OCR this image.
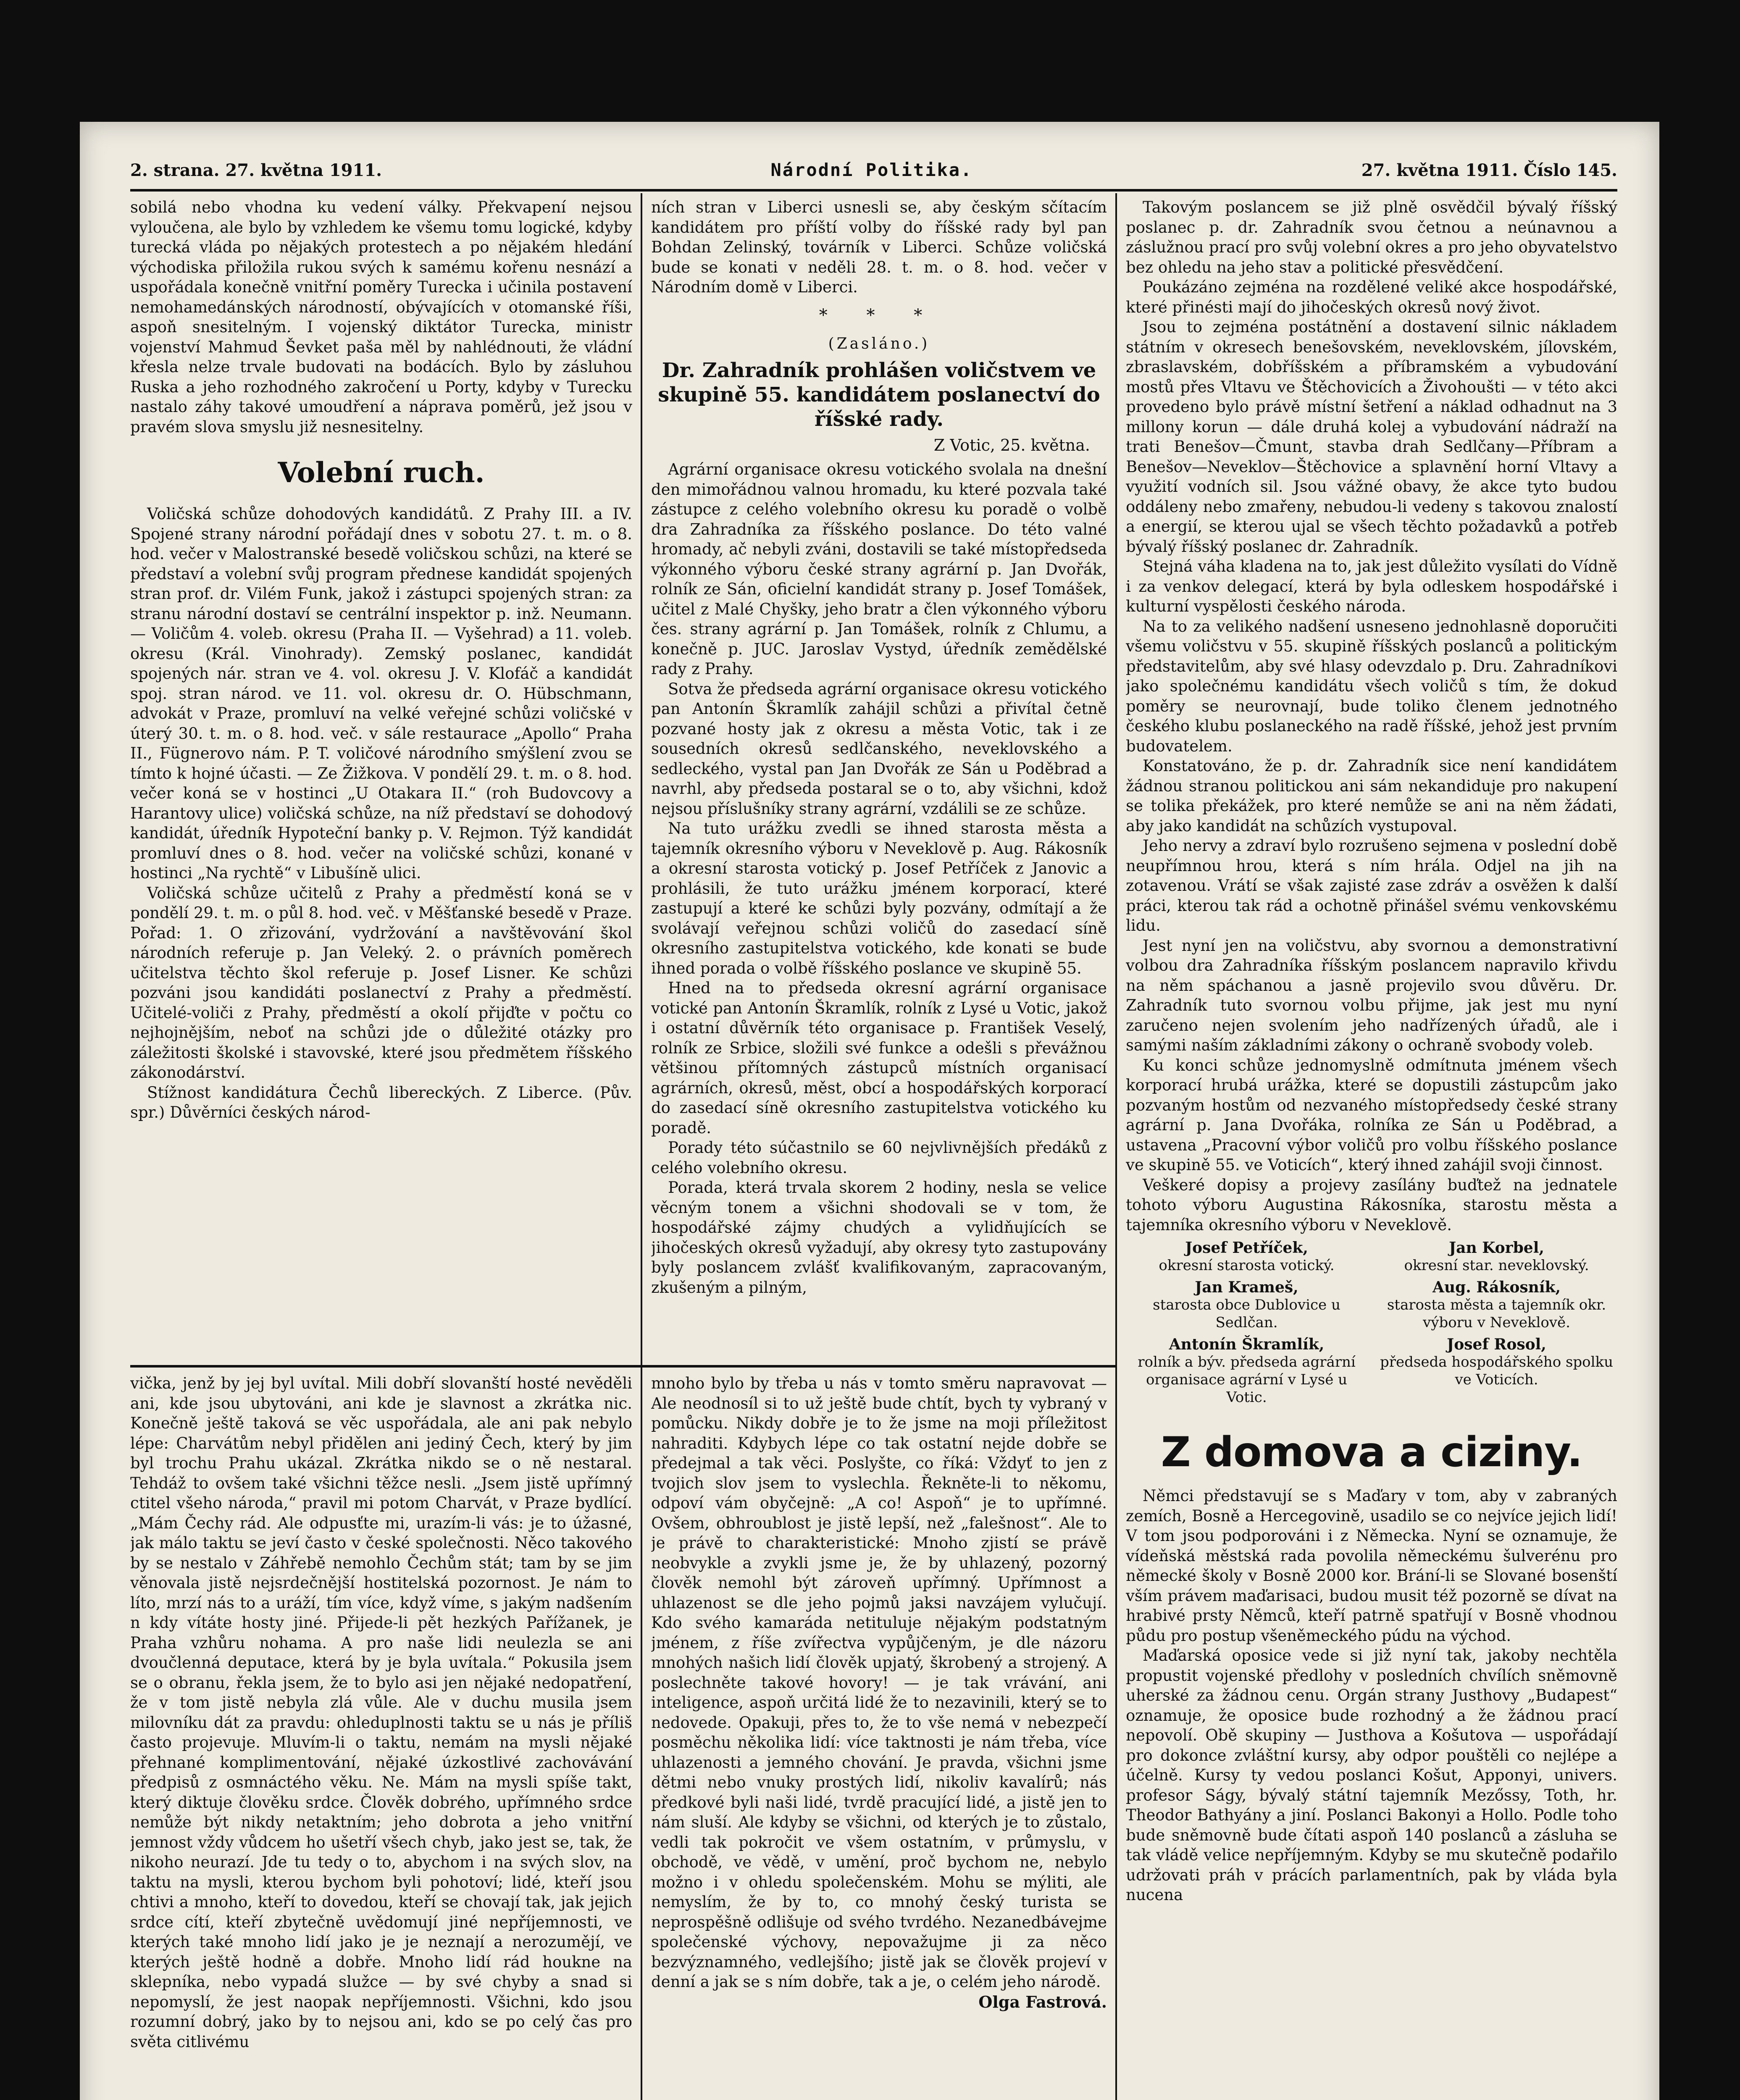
2. strana. 27. května 1911.	Národní Politika.	27. května 1911. Číslo 145.

sobilá nebo vhodna ku vedení války. Překvapení nejsou vyloučena, ale bylo by vzhledem ke všemu tomu logické, kdyby turecká vláda po nějakých protestech a po nějakém hledání východiska přiložila rukou svých k samému kořenu nesnází a uspořádala konečně vnitřní poměry Turecka i učinila postavení nemohamedánských národností, obývajících v otomanské říši, aspoň snesitelným. I vojenský diktátor Turecka, ministr vojenství Mahmud Ševket paša měl by nahlédnouti, že vládní křesla nelze trvale budovati na bodácích. Bylo by zásluhou Ruska a jeho rozhodného zakročení u Porty, kdyby v Turecku nastalo záhy takové umoudření a náprava poměrů, jež jsou v pravém slova smyslu již nesnesitelny.

Volební ruch.

Voličská schůze dohodových kandidátů. Z Prahy III. a IV. Spojené strany národní pořádají dnes v sobotu 27. t. m. o 8. hod. večer v Malostranské besedě voličskou schůzi, na které se představí a volební svůj program přednese kandidát spojených stran prof. dr. Vilém Funk, jakož i zástupci spojených stran: za stranu národní dostaví se centrální inspektor p. inž. Neumann. — Voličům 4. voleb. okresu (Praha II. — Vyšehrad) a 11. voleb. okresu (Král. Vinohrady). Zemský poslanec, kandidát spojených nár. stran ve 4. vol. okresu J. V. Klofáč a kandidát spoj. stran národ. ve 11. vol. okresu dr. O. Hübschmann, advokát v Praze, promluví na velké veřejné schůzi voličské v úterý 30. t. m. o 8. hod. več. v sále restaurace „Apollo“ Praha II., Fügnerovo nám. P. T. voličové národního smýšlení zvou se tímto k hojné účasti. — Ze Žižkova. V pondělí 29. t. m. o 8. hod. večer koná se v hostinci „U Otakara II.“ (roh Budovcovy a Harantovy ulice) voličská schůze, na níž představí se dohodový kandidát, úředník Hypoteční banky p. V. Rejmon. Týž kandidát promluví dnes o 8. hod. večer na voličské schůzi, konané v hostinci „Na rychtě“ v Libušíně ulici.

Voličská schůze učitelů z Prahy a předměstí koná se v pondělí 29. t. m. o půl 8. hod. več. v Měšťanské besedě v Praze. Pořad: 1. O zřizování, vydržování a navštěvování škol národních referuje p. Jan Veleký. 2. o právních poměrech učitelstva těchto škol referuje p. Josef Lisner. Ke schůzi pozváni jsou kandidáti poslanectví z Prahy a předměstí. Učitelé-voliči z Prahy, předměstí a okolí přijďte v počtu co nejhojnějším, neboť na schůzi jde o důležité otázky pro záležitosti školské i stavovské, které jsou předmětem říšského zákonodárství.

Stížnost kandidátura Čechů libereckých. Z Liberce. (Pův. spr.) Důvěrníci českých národ-

ních stran v Liberci usnesli se, aby českým sčítacím kandidátem pro příští volby do říšské rady byl pan Bohdan Zelinský, továrník v Liberci. Schůze voličská bude se konati v neděli 28. t. m. o 8. hod. večer v Národním domě v Liberci.

* * *
(Zasláno.)
Dr. Zahradník prohlášen voličstvem ve skupině 55. kandidátem poslanectví do říšské rady.
Z Votic, 25. května.

Agrární organisace okresu votického svolala na dnešní den mimořádnou valnou hromadu, ku které pozvala také zástupce z celého volebního okresu ku poradě o volbě dra Zahradníka za říšského poslance. Do této valné hromady, ač nebyli zváni, dostavili se také místopředseda výkonného výboru české strany agrární p. Jan Dvořák, rolník ze Sán, oficielní kandidát strany p. Josef Tomášek, učitel z Malé Chyšky, jeho bratr a člen výkonného výboru čes. strany agrární p. Jan Tomášek, rolník z Chlumu, a konečně p. JUC. Jaroslav Vystyd, úředník zemědělské rady z Prahy.

Sotva že předseda agrární organisace okresu votického pan Antonín Škramlík zahájil schůzi a přivítal četně pozvané hosty jak z okresu a města Votic, tak i ze sousedních okresů sedlčanského, neveklovského a sedleckého, vystal pan Jan Dvořák ze Sán u Poděbrad a navrhl, aby předseda postaral se o to, aby všichni, kdož nejsou příslušníky strany agrární, vzdálili se ze schůze.

Na tuto urážku zvedli se ihned starosta města a tajemník okresního výboru v Neveklově p. Aug. Rákosník a okresní starosta votický p. Josef Petříček z Janovic a prohlásili, že tuto urážku jménem korporací, které zastupují a které ke schůzi byly pozvány, odmítají a že svolávají veřejnou schůzi voličů do zasedací síně okresního zastupitelstva votického, kde konati se bude ihned porada o volbě říšského poslance ve skupině 55.

Hned na to předseda okresní agrární organisace votické pan Antonín Škramlík, rolník z Lysé u Votic, jakož i ostatní důvěrník této organisace p. František Veselý, rolník ze Srbice, složili své funkce a odešli s převážnou většinou přítomných zástupců místních organisací agrárních, okresů, měst, obcí a hospodářských korporací do zasedací síně okresního zastupitelstva votického ku poradě.

Porady této súčastnilo se 60 nejvlivnějších předáků z celého volebního okresu.

Porada, která trvala skorem 2 hodiny, nesla se velice věcným tonem a všichni shodovali se v tom, že hospodářské zájmy chudých a vylidňujících se jihočeských okresů vyžadují, aby okresy tyto zastupovány byly poslancem zvlášť kvalifikovaným, zapracovaným, zkušeným a pilným,

vička, jenž by jej byl uvítal. Mili dobří slovanští hosté nevěděli ani, kde jsou ubytováni, ani kde je slavnost a zkrátka nic. Konečně ještě taková se věc uspořádala, ale ani pak nebylo lépe: Charvátům nebyl přidělen ani jediný Čech, který by jim byl trochu Prahu ukázal. Zkrátka nikdo se o ně nestaral. Tehdáž to ovšem také všichni těžce nesli. „Jsem jistě upřímný ctitel všeho národa,“ pravil mi potom Charvát, v Praze bydlící. „Mám Čechy rád. Ale odpusťte mi, urazím-li vás: je to úžasné, jak málo taktu se jeví často v české společnosti. Něco takového by se nestalo v Záhřebě nemohlo Čechům stát; tam by se jim věnovala jistě nejsrdečnější hostitelská pozornost. Je nám to líto, mrzí nás to a uráží, tím více, když víme, s jakým nadšením n kdy vítáte hosty jiné. Přijede-li pět hezkých Pařížanek, je Praha vzhůru nohama. A pro naše lidi neulezla se ani dvoučlenná deputace, která by je byla uvítala.“ Pokusila jsem se o obranu, řekla jsem, že to bylo asi jen nějaké nedopatření, že v tom jistě nebyla zlá vůle. Ale v duchu musila jsem milovníku dát za pravdu: ohleduplnosti taktu se u nás je příliš často projevuje. Mluvím-li o taktu, nemám na mysli nějaké přehnané komplimentování, nějaké úzkostlivé zachovávání předpisů z osmnáctého věku. Ne. Mám na mysli spíše takt, který diktuje člověku srdce. Člověk dobrého, upřímného srdce nemůže být nikdy netaktním; jeho dobrota a jeho vnitřní jemnost vždy vůdcem ho ušetří všech chyb, jako jest se, tak, že nikoho neurazí. Jde tu tedy o to, abychom i na svých slov, na taktu na mysli, kterou bychom byli pohotoví; lidé, kteří jsou chtivi a mnoho, kteří to dovedou, kteří se chovají tak, jak jejich srdce cítí, kteří zbytečně uvědomují jiné nepříjemnosti, ve kterých také mnoho lidí jako je je neznají a nerozumějí, ve kterých ještě hodně a dobře. Mnoho lidí rád houkne na sklepníka, nebo vypadá služce — by své chyby a snad si nepomyslí, že jest naopak nepříjemnosti. Všichni, kdo jsou rozumní dobrý, jako by to nejsou ani, kdo se po celý čas pro světa citlivému

mnoho bylo by třeba u nás v tomto směru napravovat — Ale neodnosíl si to už ještě bude chtít, bych ty vybraný v pomůcku. Nikdy dobře je to že jsme na moji příležitost nahraditi. Kdybych lépe co tak ostatní nejde dobře se předejmal a tak věci. Poslyšte, co říká: Vždyť to jen z tvojich slov jsem to vyslechla. Řekněte-li to někomu, odpoví vám obyčejně: „A co! Aspoň“ je to upřímné. Ovšem, obhroublost je jistě lepší, než „falešnost“. Ale to je právě to charakteristické: Mnoho zjistí se právě neobvykle a zvykli jsme je, že by uhlazený, pozorný člověk nemohl být zároveň upřímný. Upřímnost a uhlazenost se dle jeho pojmů jaksi navzájem vylučují. Kdo svého kamaráda netituluje nějakým podstatným jménem, z říše zvířectva vypůjčeným, je dle názoru mnohých našich lidí člověk upjatý, škrobený a strojený. A poslechněte takové hovory! — je tak vrávání, ani inteligence, aspoň určitá lidé že to nezavinili, který se to nedovede. Opakuji, přes to, že to vše nemá v nebezpečí posměchu několika lidí: více taktnosti je nám třeba, více uhlazenosti a jemného chování. Je pravda, všichni jsme dětmi nebo vnuky prostých lidí, nikoliv kavalírů; nás předkové byli naši lidé, tvrdě pracující lidé, a jistě jen to nám sluší. Ale kdyby se všichni, od kterých je to zůstalo, vedli tak pokročit ve všem ostatním, v průmyslu, v obchodě, ve vědě, v umění, proč bychom ne, nebylo možno i v ohledu společenském. Mohu se mýliti, ale nemyslím, že by to, co mnohý český turista se neprospěšně odlišuje od svého tvrdého. Nezanedbávejme společenské výchovy, nepovažujme ji za něco bezvýznamného, vedlejšího; jistě jak se člověk projeví v denní a jak se s ním dobře, tak a je, o celém jeho národě.

Olga Fastrová.

Takovým poslancem se již plně osvědčil bývalý říšský poslanec p. dr. Zahradník svou četnou a neúnavnou a záslužnou prací pro svůj volební okres a pro jeho obyvatelstvo bez ohledu na jeho stav a politické přesvědčení.

Poukázáno zejména na rozdělené veliké akce hospodářské, které přinésti mají do jihočeských okresů nový život.

Jsou to zejména postátnění a dostavení silnic nákladem státním v okresech benešovském, neveklovském, jílovském, zbraslavském, dobříšském a příbramském a vybudování mostů přes Vltavu ve Štěchovicích a Živohoušti — v této akci provedeno bylo právě místní šetření a náklad odhadnut na 3 millony korun — dále druhá kolej a vybudování nádraží na trati Benešov—Čmunt, stavba drah Sedlčany—Příbram a Benešov—Neveklov—Štěchovice a splavnění horní Vltavy a využití vodních sil. Jsou vážné obavy, že akce tyto budou oddáleny nebo zmařeny, nebudou-li vedeny s takovou znalostí a energií, se kterou ujal se všech těchto požadavků a potřeb bývalý říšský poslanec dr. Zahradník.

Stejná váha kladena na to, jak jest důležito vysílati do Vídně i za venkov delegací, která by byla odleskem hospodářské i kulturní vyspělosti českého národa.

Na to za velikého nadšení usneseno jednohlasně doporučiti všemu voličstvu v 55. skupině říšských poslanců a politickým představitelům, aby své hlasy odevzdalo p. Dru. Zahradníkovi jako společnému kandidátu všech voličů s tím, že dokud poměry se neurovnají, bude toliko členem jednotného českého klubu poslaneckého na radě říšské, jehož jest prvním budovatelem.

Konstatováno, že p. dr. Zahradník sice není kandidátem žádnou stranou politickou ani sám nekandiduje pro nakupení se tolika překážek, pro které nemůže se ani na něm žádati, aby jako kandidát na schůzích vystupoval.

Jeho nervy a zdraví bylo rozrušeno sejmena v poslední době neupřímnou hrou, která s ním hrála. Odjel na jih na zotavenou. Vrátí se však zajisté zase zdráv a osvěžen k další práci, kterou tak rád a ochotně přinášel svému venkovskému lidu.

Jest nyní jen na voličstvu, aby svornou a demonstrativní volbou dra Zahradníka říšským poslancem napravilo křivdu na něm spáchanou a jasně projevilo svou důvěru. Dr. Zahradník tuto svornou volbu přijme, jak jest mu nyní zaručeno nejen svolením jeho nadřízených úřadů, ale i samými naším základními zákony o ochraně svobody voleb.

Ku konci schůze jednomyslně odmítnuta jménem všech korporací hrubá urážka, které se dopustili zástupcům jako pozvaným hostům od nezvaného místopředsedy české strany agrární p. Jana Dvořáka, rolníka ze Sán u Poděbrad, a ustavena „Pracovní výbor voličů pro volbu říšského poslance ve skupině 55. ve Voticích“, který ihned zahájil svoji činnost.

Veškeré dopisy a projevy zasílány buďtež na jednatele tohoto výboru Augustina Rákosníka, starostu města a tajemníka okresního výboru v Neveklově.

Josef Petříček,
okresní starosta votický.
Jan Korbel,
okresní star. neveklovský.
Jan Krameš,
starosta obce Dublovice u Sedlčan.
Aug. Rákosník,
starosta města a tajemník okr. výboru v Neveklově.
Antonín Škramlík,
rolník a býv. předseda agrární organisace agrární v Lysé u Votic.
Josef Rosol,
předseda hospodářského spolku ve Voticích.
Z domova a ciziny.

Němci představují se s Maďary v tom, aby v zabraných zemích, Bosně a Hercegovině, usadilo se co nejvíce jejich lidí! V tom jsou podporováni i z Německa. Nyní se oznamuje, že vídeňská městská rada povolila německému šulverénu pro německé školy v Bosně 2000 kor. Brání-li se Slované bosenští vším právem maďarisaci, budou musit též pozorně se dívat na hrabivé prsty Němců, kteří patrně spatřují v Bosně vhodnou půdu pro postup všeněmeckého púdu na východ.

Maďarská oposice vede si již nyní tak, jakoby nechtěla propustit vojenské předlohy v posledních chvílích sněmovně uherské za žádnou cenu. Orgán strany Justhovy „Budapest“ oznamuje, že oposice bude rozhodný a že žádnou prací nepovolí. Obě skupiny — Justhova a Košutova — uspořádají pro dokonce zvláštní kursy, aby odpor pouštěli co nejlépe a účelně. Kursy ty vedou poslanci Košut, Apponyi, univers. profesor Ságy, bývalý státní tajemník Mezőssy, Toth, hr. Theodor Bathyány a jiní. Poslanci Bakonyi a Hollo. Podle toho bude sněmovně bude čítati aspoň 140 poslanců a zásluha se tak vládě velice nepříjemným. Kdyby se mu skutečně podařilo udržovati práh v prácích parlamentních, pak by vláda byla nucena
